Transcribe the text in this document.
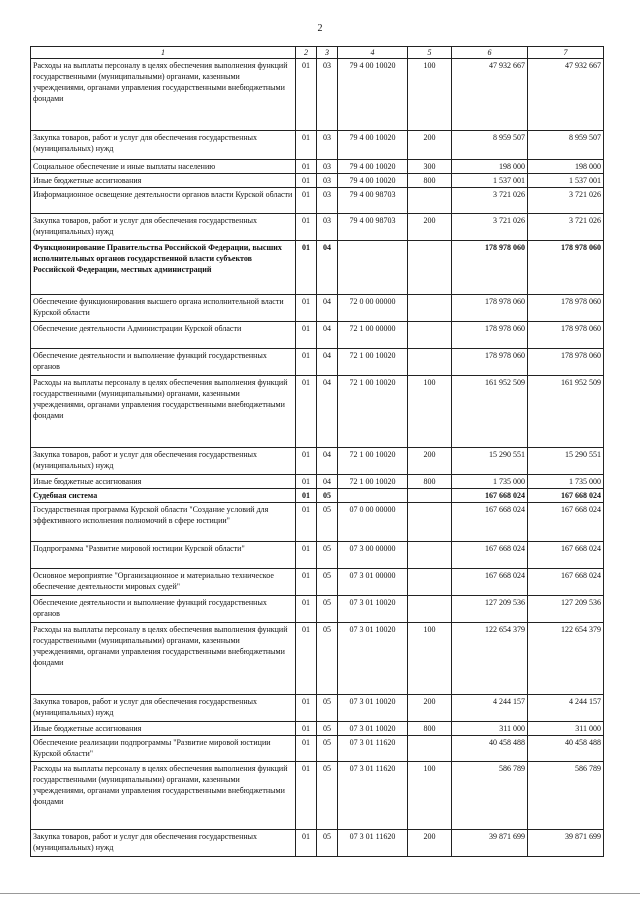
2
1	2	3	4	5	6	7
Расходы на выплаты персоналу в целях обеспечения выполнения функций государственными (муниципальными) органами, казенными учреждениями, органами управления государственными внебюджетными фондами	01	03	79 4 00 10020	100	47 932 667	47 932 667
Закупка товаров, работ и услуг для обеспечения государственных (муниципальных) нужд	01	03	79 4 00 10020	200	8 959 507	8 959 507
Социальное обеспечение и иные выплаты населению	01	03	79 4 00 10020	300	198 000	198 000
Иные бюджетные ассигнования	01	03	79 4 00 10020	800	1 537 001	1 537 001
Информационное освещение деятельности органов власти Курской области	01	03	79 4 00 98703		3 721 026	3 721 026
Закупка товаров, работ и услуг для обеспечения государственных (муниципальных) нужд	01	03	79 4 00 98703	200	3 721 026	3 721 026
Функционирование Правительства Российской Федерации, высших исполнительных органов государственной власти субъектов Российской Федерации, местных администраций	01	04			178 978 060	178 978 060
Обеспечение функционирования высшего органа исполнительной власти Курской области	01	04	72 0 00 00000		178 978 060	178 978 060
Обеспечение деятельности Администрации Курской области	01	04	72 1 00 00000		178 978 060	178 978 060
Обеспечение деятельности и выполнение функций государственных органов	01	04	72 1 00 10020		178 978 060	178 978 060
Расходы на выплаты персоналу в целях обеспечения выполнения функций государственными (муниципальными) органами, казенными учреждениями, органами управления государственными внебюджетными фондами	01	04	72 1 00 10020	100	161 952 509	161 952 509
Закупка товаров, работ и услуг для обеспечения государственных (муниципальных) нужд	01	04	72 1 00 10020	200	15 290 551	15 290 551
Иные бюджетные ассигнования	01	04	72 1 00 10020	800	1 735 000	1 735 000
Судебная система	01	05			167 668 024	167 668 024
Государственная программа Курской области "Создание условий для эффективного исполнения полномочий в сфере юстиции"	01	05	07 0 00 00000		167 668 024	167 668 024
Подпрограмма "Развитие мировой юстиции Курской области"	01	05	07 3 00 00000		167 668 024	167 668 024
Основное мероприятие "Организационное и материально техническое обеспечение деятельности мировых судей"	01	05	07 3 01 00000		167 668 024	167 668 024
Обеспечение деятельности и выполнение функций государственных органов	01	05	07 3 01 10020		127 209 536	127 209 536
Расходы на выплаты персоналу в целях обеспечения выполнения функций государственными (муниципальными) органами, казенными учреждениями, органами управления государственными внебюджетными фондами	01	05	07 3 01 10020	100	122 654 379	122 654 379
Закупка товаров, работ и услуг для обеспечения государственных (муниципальных) нужд	01	05	07 3 01 10020	200	4 244 157	4 244 157
Иные бюджетные ассигнования	01	05	07 3 01 10020	800	311 000	311 000
Обеспечение реализации подпрограммы "Развитие мировой юстиции Курской области"	01	05	07 3 01 11620		40 458 488	40 458 488
Расходы на выплаты персоналу в целях обеспечения выполнения функций государственными (муниципальными) органами, казенными учреждениями, органами управления государственными внебюджетными фондами	01	05	07 3 01 11620	100	586 789	586 789
Закупка товаров, работ и услуг для обеспечения государственных (муниципальных) нужд	01	05	07 3 01 11620	200	39 871 699	39 871 699
